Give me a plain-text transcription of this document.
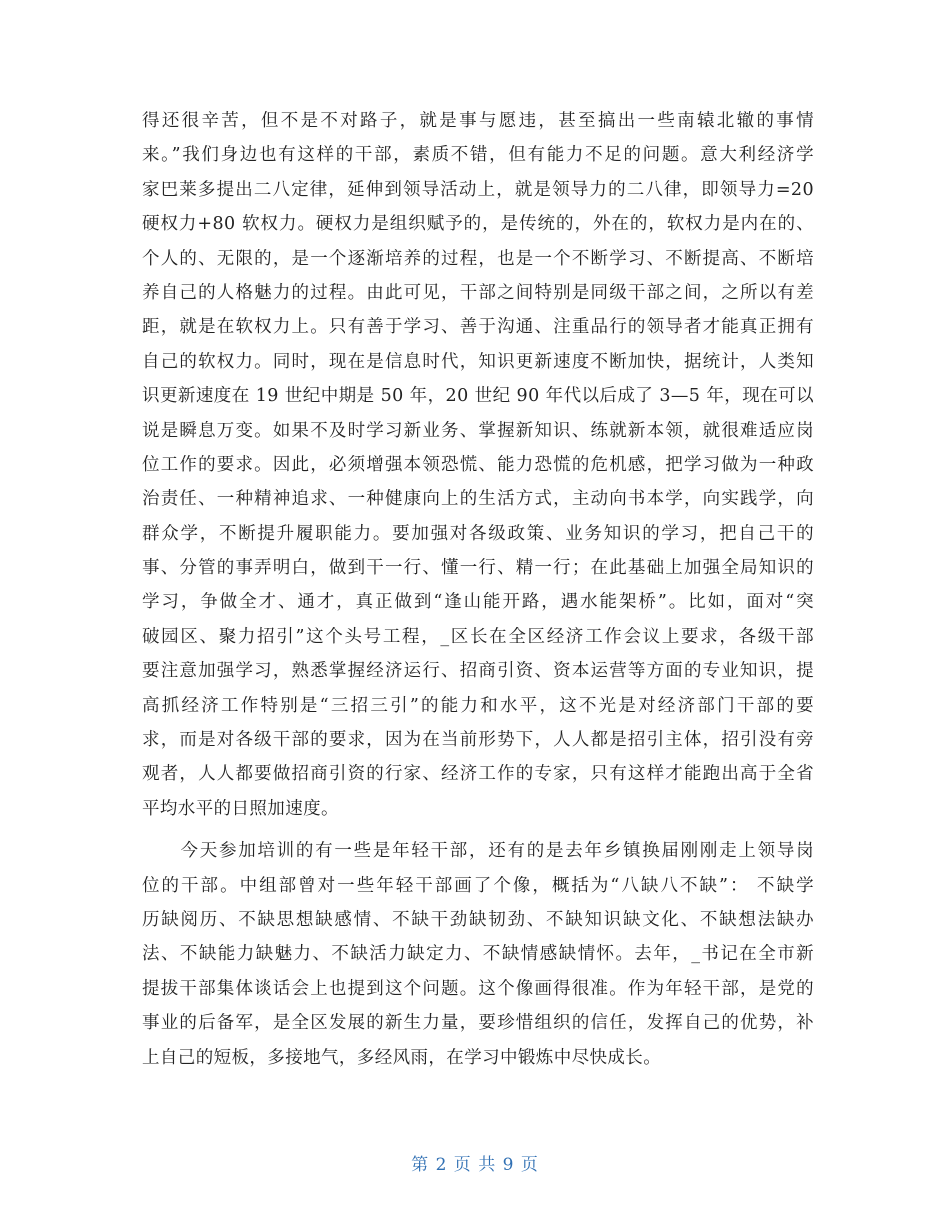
得还很辛苦，但不是不对路子，就是事与愿违，甚至搞出一些南辕北辙的事情
来。”我们身边也有这样的干部，素质不错，但有能力不足的问题。意大利经济学
家巴莱多提出二八定律，延伸到领导活动上，就是领导力的二八律，即领导力=20
硬权力+80 软权力。硬权力是组织赋予的，是传统的，外在的，软权力是内在的、
个人的、无限的，是一个逐渐培养的过程，也是一个不断学习、不断提高、不断培
养自己的人格魅力的过程。由此可见，干部之间特别是同级干部之间，之所以有差
距，就是在软权力上。只有善于学习、善于沟通、注重品行的领导者才能真正拥有
自己的软权力。同时，现在是信息时代，知识更新速度不断加快，据统计，人类知
识更新速度在 19 世纪中期是 50 年，20 世纪 90 年代以后成了 3—5 年，现在可以
说是瞬息万变。如果不及时学习新业务、掌握新知识、练就新本领，就很难适应岗
位工作的要求。因此，必须增强本领恐慌、能力恐慌的危机感，把学习做为一种政
治责任、一种精神追求、一种健康向上的生活方式，主动向书本学，向实践学，向
群众学，不断提升履职能力。要加强对各级政策、业务知识的学习，把自己干的
事、分管的事弄明白，做到干一行、懂一行、精一行；在此基础上加强全局知识的
学习，争做全才、通才，真正做到“逢山能开路，遇水能架桥”。比如，面对“突
破园区、聚力招引”这个头号工程，_区长在全区经济工作会议上要求，各级干部
要注意加强学习，熟悉掌握经济运行、招商引资、资本运营等方面的专业知识，提
高抓经济工作特别是“三招三引”的能力和水平，这不光是对经济部门干部的要
求，而是对各级干部的要求，因为在当前形势下，人人都是招引主体，招引没有旁
观者，人人都要做招商引资的行家、经济工作的专家，只有这样才能跑出高于全省
平均水平的日照加速度。
　　今天参加培训的有一些是年轻干部，还有的是去年乡镇换届刚刚走上领导岗
位的干部。中组部曾对一些年轻干部画了个像，概括为“八缺八不缺”： 不缺学
历缺阅历、不缺思想缺感情、不缺干劲缺韧劲、不缺知识缺文化、不缺想法缺办
法、不缺能力缺魅力、不缺活力缺定力、不缺情感缺情怀。去年，_书记在全市新
提拔干部集体谈话会上也提到这个问题。这个像画得很准。作为年轻干部，是党的
事业的后备军，是全区发展的新生力量，要珍惜组织的信任，发挥自己的优势，补
上自己的短板，多接地气，多经风雨，在学习中锻炼中尽快成长。
第 2 页 共 9 页
